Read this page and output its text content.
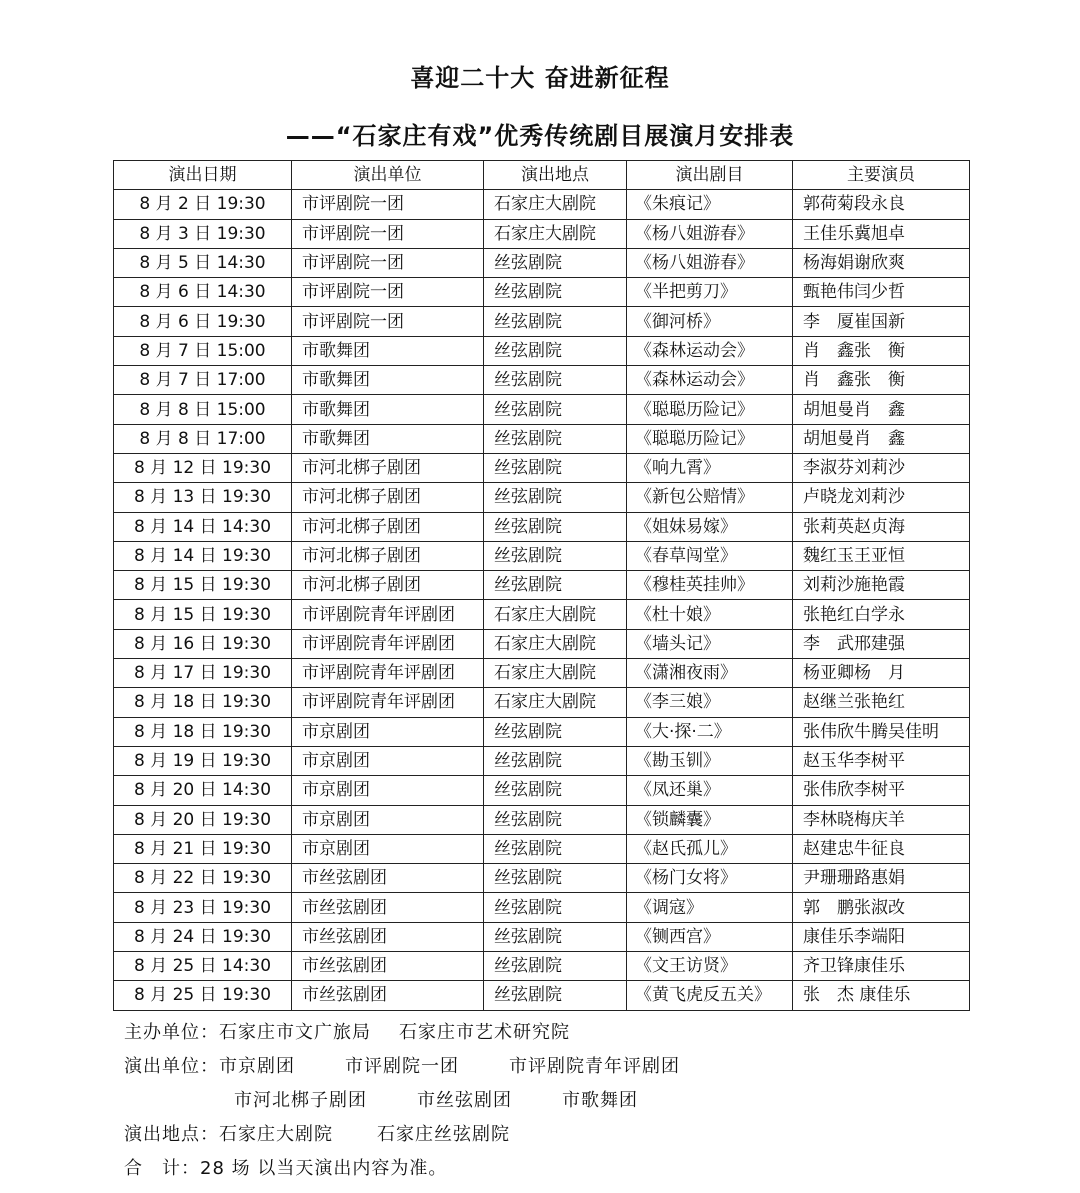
喜迎二十大 奋进新征程
——“石家庄有戏”优秀传统剧目展演月安排表
演出日期	演出单位	演出地点	演出剧目	主要演员
8 月 2 日 19:30	市评剧院一团	石家庄大剧院	《朱痕记》	郭荷菊段永良
8 月 3 日 19:30	市评剧院一团	石家庄大剧院	《杨八姐游春》	王佳乐冀旭卓
8 月 5 日 14:30	市评剧院一团	丝弦剧院	《杨八姐游春》	杨海娟谢欣爽
8 月 6 日 14:30	市评剧院一团	丝弦剧院	《半把剪刀》	甄艳伟闫少哲
8 月 6 日 19:30	市评剧院一团	丝弦剧院	《御河桥》	李　厦崔国新
8 月 7 日 15:00	市歌舞团	丝弦剧院	《森林运动会》	肖　鑫张　衡
8 月 7 日 17:00	市歌舞团	丝弦剧院	《森林运动会》	肖　鑫张　衡
8 月 8 日 15:00	市歌舞团	丝弦剧院	《聪聪历险记》	胡旭曼肖　鑫
8 月 8 日 17:00	市歌舞团	丝弦剧院	《聪聪历险记》	胡旭曼肖　鑫
8 月 12 日 19:30	市河北梆子剧团	丝弦剧院	《响九霄》	李淑芬刘莉沙
8 月 13 日 19:30	市河北梆子剧团	丝弦剧院	《新包公赔情》	卢晓龙刘莉沙
8 月 14 日 14:30	市河北梆子剧团	丝弦剧院	《姐妹易嫁》	张莉英赵贞海
8 月 14 日 19:30	市河北梆子剧团	丝弦剧院	《春草闯堂》	魏红玉王亚恒
8 月 15 日 19:30	市河北梆子剧团	丝弦剧院	《穆桂英挂帅》	刘莉沙施艳霞
8 月 15 日 19:30	市评剧院青年评剧团	石家庄大剧院	《杜十娘》	张艳红白学永
8 月 16 日 19:30	市评剧院青年评剧团	石家庄大剧院	《墙头记》	李　武邢建强
8 月 17 日 19:30	市评剧院青年评剧团	石家庄大剧院	《潇湘夜雨》	杨亚卿杨　月
8 月 18 日 19:30	市评剧院青年评剧团	石家庄大剧院	《李三娘》	赵继兰张艳红
8 月 18 日 19:30	市京剧团	丝弦剧院	《大·探·二》	张伟欣牛腾吴佳明
8 月 19 日 19:30	市京剧团	丝弦剧院	《勘玉钏》	赵玉华李树平
8 月 20 日 14:30	市京剧团	丝弦剧院	《凤还巢》	张伟欣李树平
8 月 20 日 19:30	市京剧团	丝弦剧院	《锁麟囊》	李林晓梅庆羊
8 月 21 日 19:30	市京剧团	丝弦剧院	《赵氏孤儿》	赵建忠牛征良
8 月 22 日 19:30	市丝弦剧团	丝弦剧院	《杨门女将》	尹珊珊路惠娟
8 月 23 日 19:30	市丝弦剧团	丝弦剧院	《调寇》	郭　鹏张淑改
8 月 24 日 19:30	市丝弦剧团	丝弦剧院	《铡西宫》	康佳乐李端阳
8 月 25 日 14:30	市丝弦剧团	丝弦剧院	《文王访贤》	齐卫锋康佳乐
8 月 25 日 19:30	市丝弦剧团	丝弦剧院	《黄飞虎反五关》	张　杰 康佳乐
主办单位：石家庄市文广旅局 石家庄市艺术研究院
演出单位：市京剧团	市评剧院一团	市评剧院青年评剧团
市河北梆子剧团	市丝弦剧团	市歌舞团
演出地点：石家庄大剧院 石家庄丝弦剧院
合　计：28 场 以当天演出内容为准。
